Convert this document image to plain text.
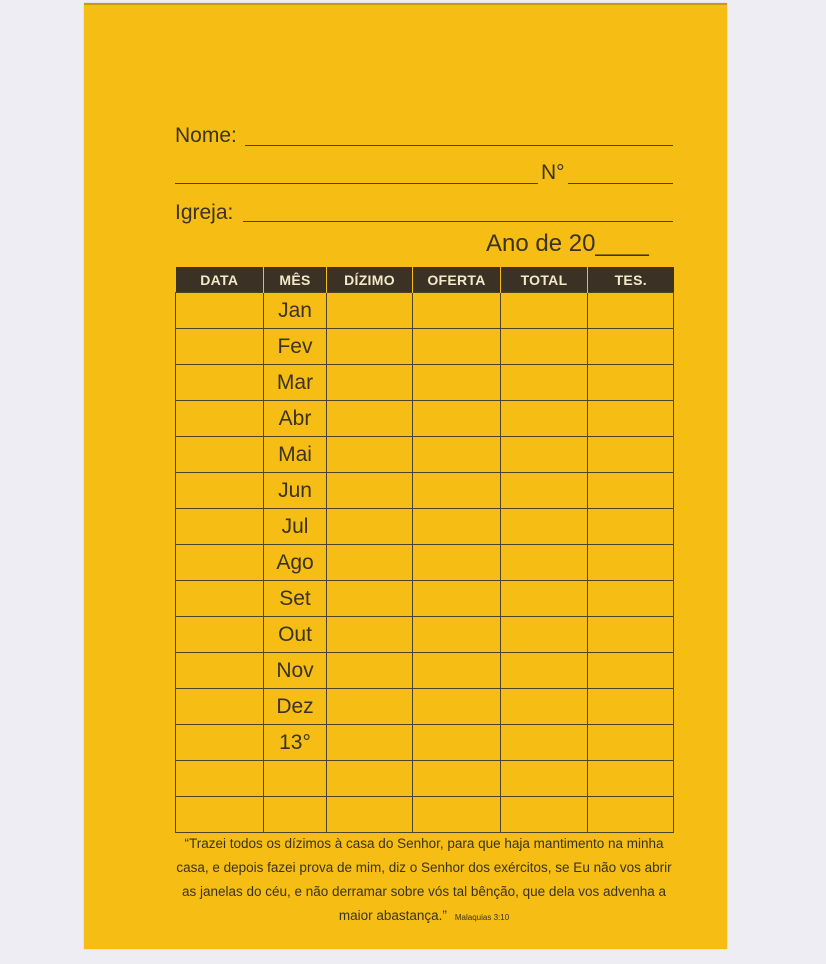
Nome:
N°
Igreja:
Ano de 20____
DATA	MÊS	DÍZIMO	OFERTA	TOTAL	TES.
	Jan				
	Fev				
	Mar				
	Abr				
	Mai				
	Jun				
	Jul				
	Ago				
	Set				
	Out				
	Nov				
	Dez				
	13°				

“Trazei todos os dízimos à casa do Senhor, para que haja mantimento na minha casa, e depois fazei prova de mim, diz o Senhor dos exércitos, se Eu não vos abrir as janelas do céu, e não derramar sobre vós tal bênção, que dela vos advenha a maior abastança.” Malaquias 3:10
